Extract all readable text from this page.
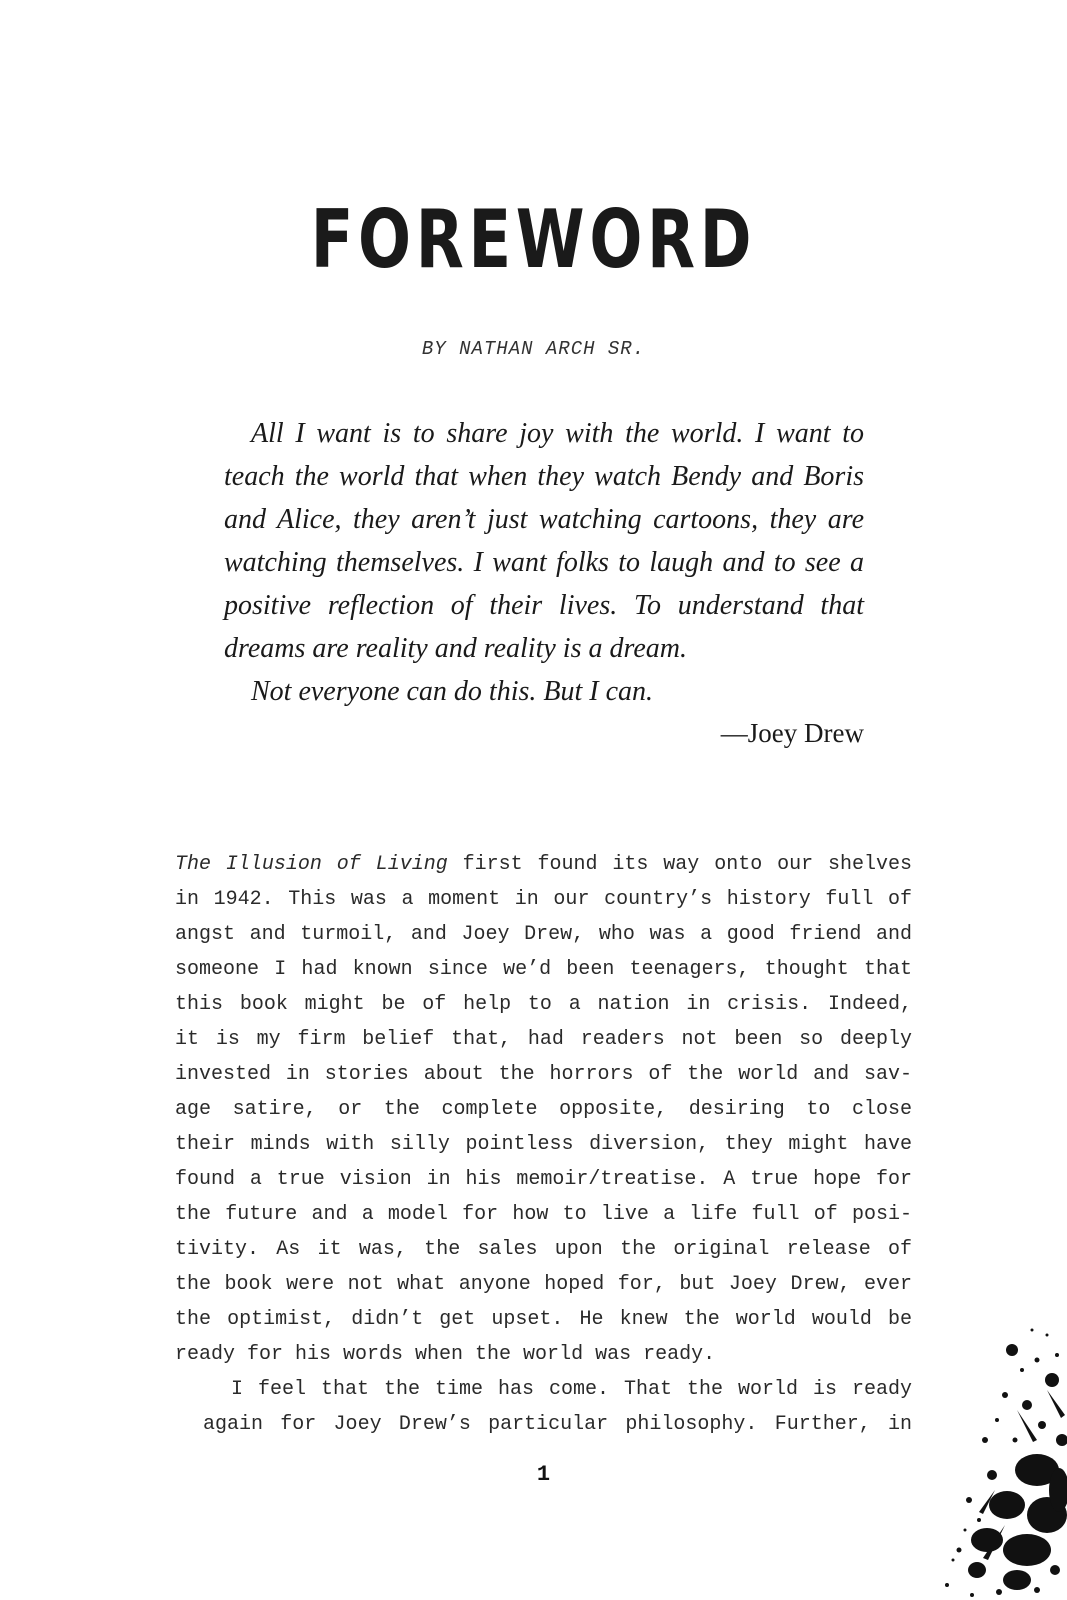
FOREWORD
BY NATHAN ARCH SR.

All I want is to share joy with the world. I want to teach the world that when they watch Bendy and Boris and Alice, they aren’t just watching cartoons, they are watching themselves. I want folks to laugh and to see a positive reflection of their lives. To understand that dreams are reality and reality is a dream.

Not everyone can do this. But I can.

—Joey Drew

The Illusion of Living first found its way onto our shelves
in 1942. This was a moment in our country’s history full of
angst and turmoil, and Joey Drew, who was a good friend and
someone I had known since we’d been teenagers, thought that
this book might be of help to a nation in crisis. Indeed,
it is my firm belief that, had readers not been so deeply
invested in stories about the horrors of the world and sav-
age satire, or the complete opposite, desiring to close
their minds with silly pointless diversion, they might have
found a true vision in his memoir/treatise. A true hope for
the future and a model for how to live a life full of posi-
tivity. As it was, the sales upon the original release of
the book were not what anyone hoped for, but Joey Drew, ever
the optimist, didn’t get upset. He knew the world would be
ready for his words when the world was ready.

I feel that the time has come. That the world is ready
again for Joey Drew’s particular philosophy. Further, in

1
